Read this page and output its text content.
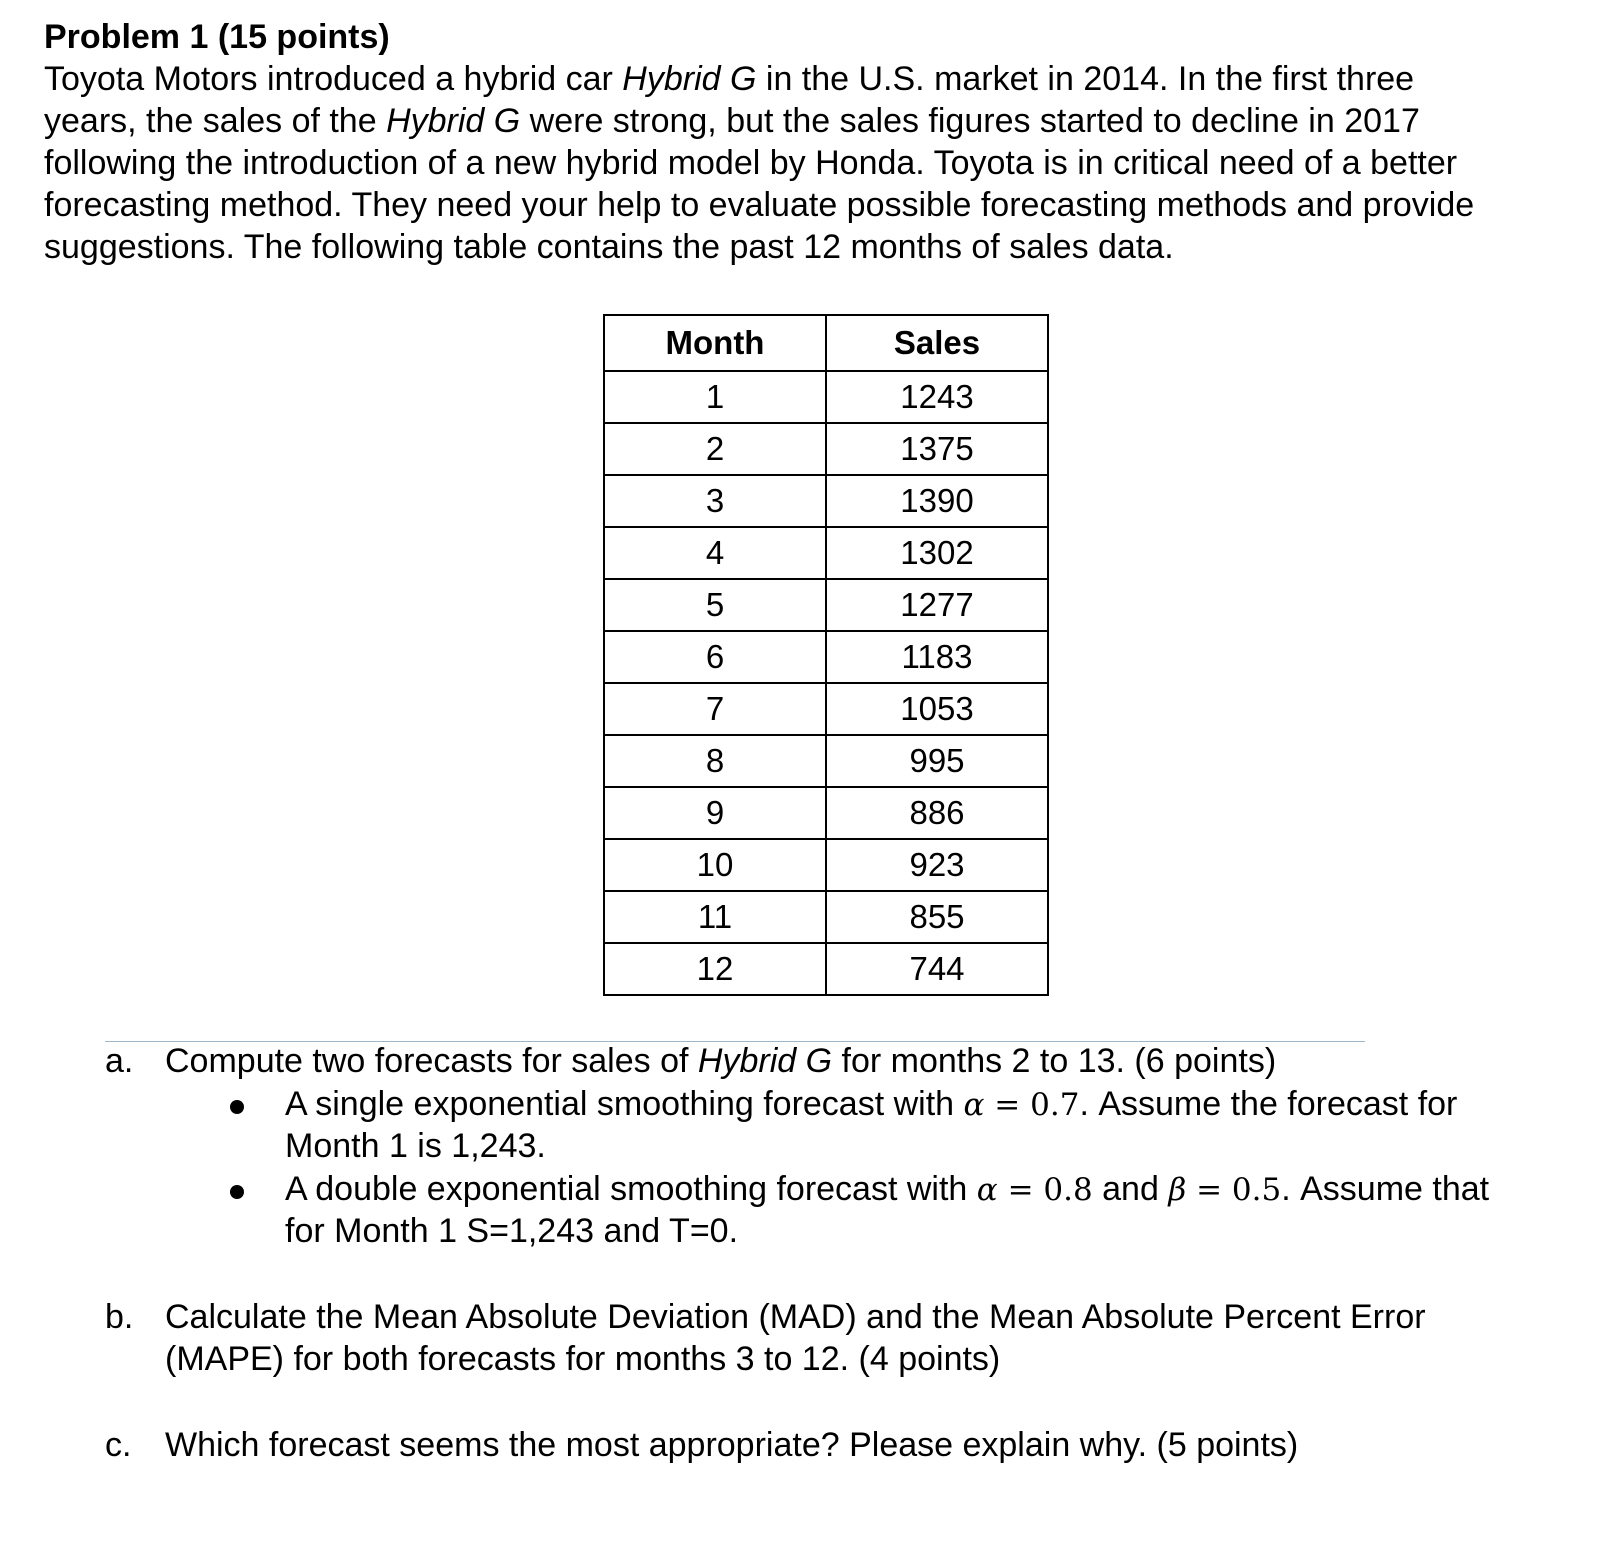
Problem 1 (15 points)

Toyota Motors introduced a hybrid car Hybrid G in the U.S. market in 2014. In the first three

years, the sales of the Hybrid G were strong, but the sales figures started to decline in 2017

following the introduction of a new hybrid model by Honda. Toyota is in critical need of a better

forecasting method. They need your help to evaluate possible forecasting methods and provide

suggestions. The following table contains the past 12 months of sales data.

Month	Sales
1	1243
2	1375
3	1390
4	1302
5	1277
6	1183
7	1053
8	995
9	886
10	923
11	855
12	744
a. Compute two forecasts for sales of Hybrid G for months 2 to 13. (6 points)
A single exponential smoothing forecast with α = 0.7. Assume the forecast for
Month 1 is 1,243.
A double exponential smoothing forecast with α = 0.8 and β = 0.5. Assume that
for Month 1 S=1,243 and T=0.
b. Calculate the Mean Absolute Deviation (MAD) and the Mean Absolute Percent Error
(MAPE) for both forecasts for months 3 to 12. (4 points)
c. Which forecast seems the most appropriate? Please explain why. (5 points)
